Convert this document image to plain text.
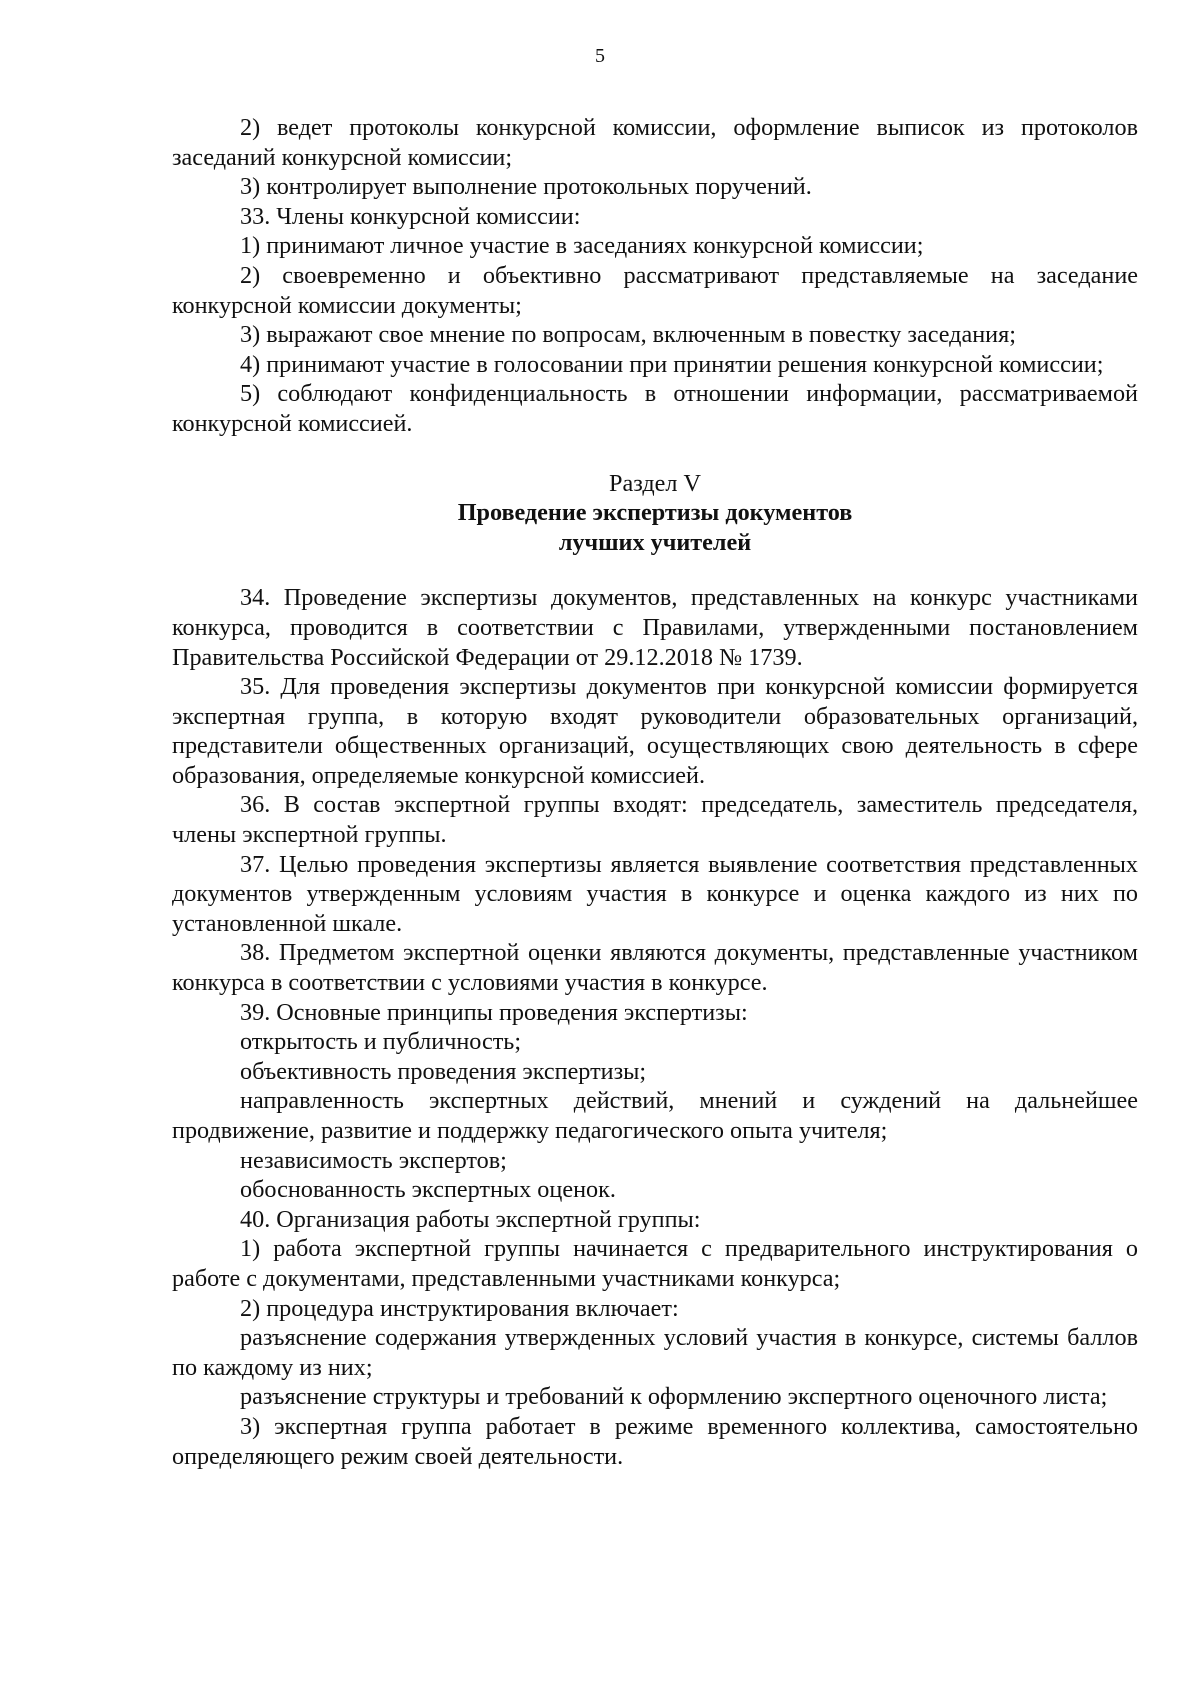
5

2) ведет протоколы конкурсной комиссии, оформление выписок из протоколов заседаний конкурсной комиссии;

3) контролирует выполнение протокольных поручений.

33. Члены конкурсной комиссии:

1) принимают личное участие в заседаниях конкурсной комиссии;

2) своевременно и объективно рассматривают представляемые на заседание конкурсной комиссии документы;

3) выражают свое мнение по вопросам, включенным в повестку заседания;

4) принимают участие в голосовании при принятии решения конкурсной комиссии;

5) соблюдают конфиденциальность в отношении информации, рассматриваемой конкурсной комиссией.

Раздел V
Проведение экспертизы документов
лучших учителей

34. Проведение экспертизы документов, представленных на конкурс участниками конкурса, проводится в соответствии с Правилами, утвержденными постановлением Правительства Российской Федерации от 29.12.2018 № 1739.

35. Для проведения экспертизы документов при конкурсной комиссии формируется экспертная группа, в которую входят руководители образовательных организаций, представители общественных организаций, осуществляющих свою деятельность в сфере образования, определяемые конкурсной комиссией.

36. В состав экспертной группы входят: председатель, заместитель председателя, члены экспертной группы.

37. Целью проведения экспертизы является выявление соответствия представленных документов утвержденным условиям участия в конкурсе и оценка каждого из них по установленной шкале.

38. Предметом экспертной оценки являются документы, представленные участником конкурса в соответствии с условиями участия в конкурсе.

39. Основные принципы проведения экспертизы:

открытость и публичность;

объективность проведения экспертизы;

направленность экспертных действий, мнений и суждений на дальнейшее продвижение, развитие и поддержку педагогического опыта учителя;

независимость экспертов;

обоснованность экспертных оценок.

40. Организация работы экспертной группы:

1) работа экспертной группы начинается с предварительного инструктирования о работе с документами, представленными участниками конкурса;

2) процедура инструктирования включает:

разъяснение содержания утвержденных условий участия в конкурсе, системы баллов по каждому из них;

разъяснение структуры и требований к оформлению экспертного оценочного листа;

3) экспертная группа работает в режиме временного коллектива, самостоятельно определяющего режим своей деятельности.
